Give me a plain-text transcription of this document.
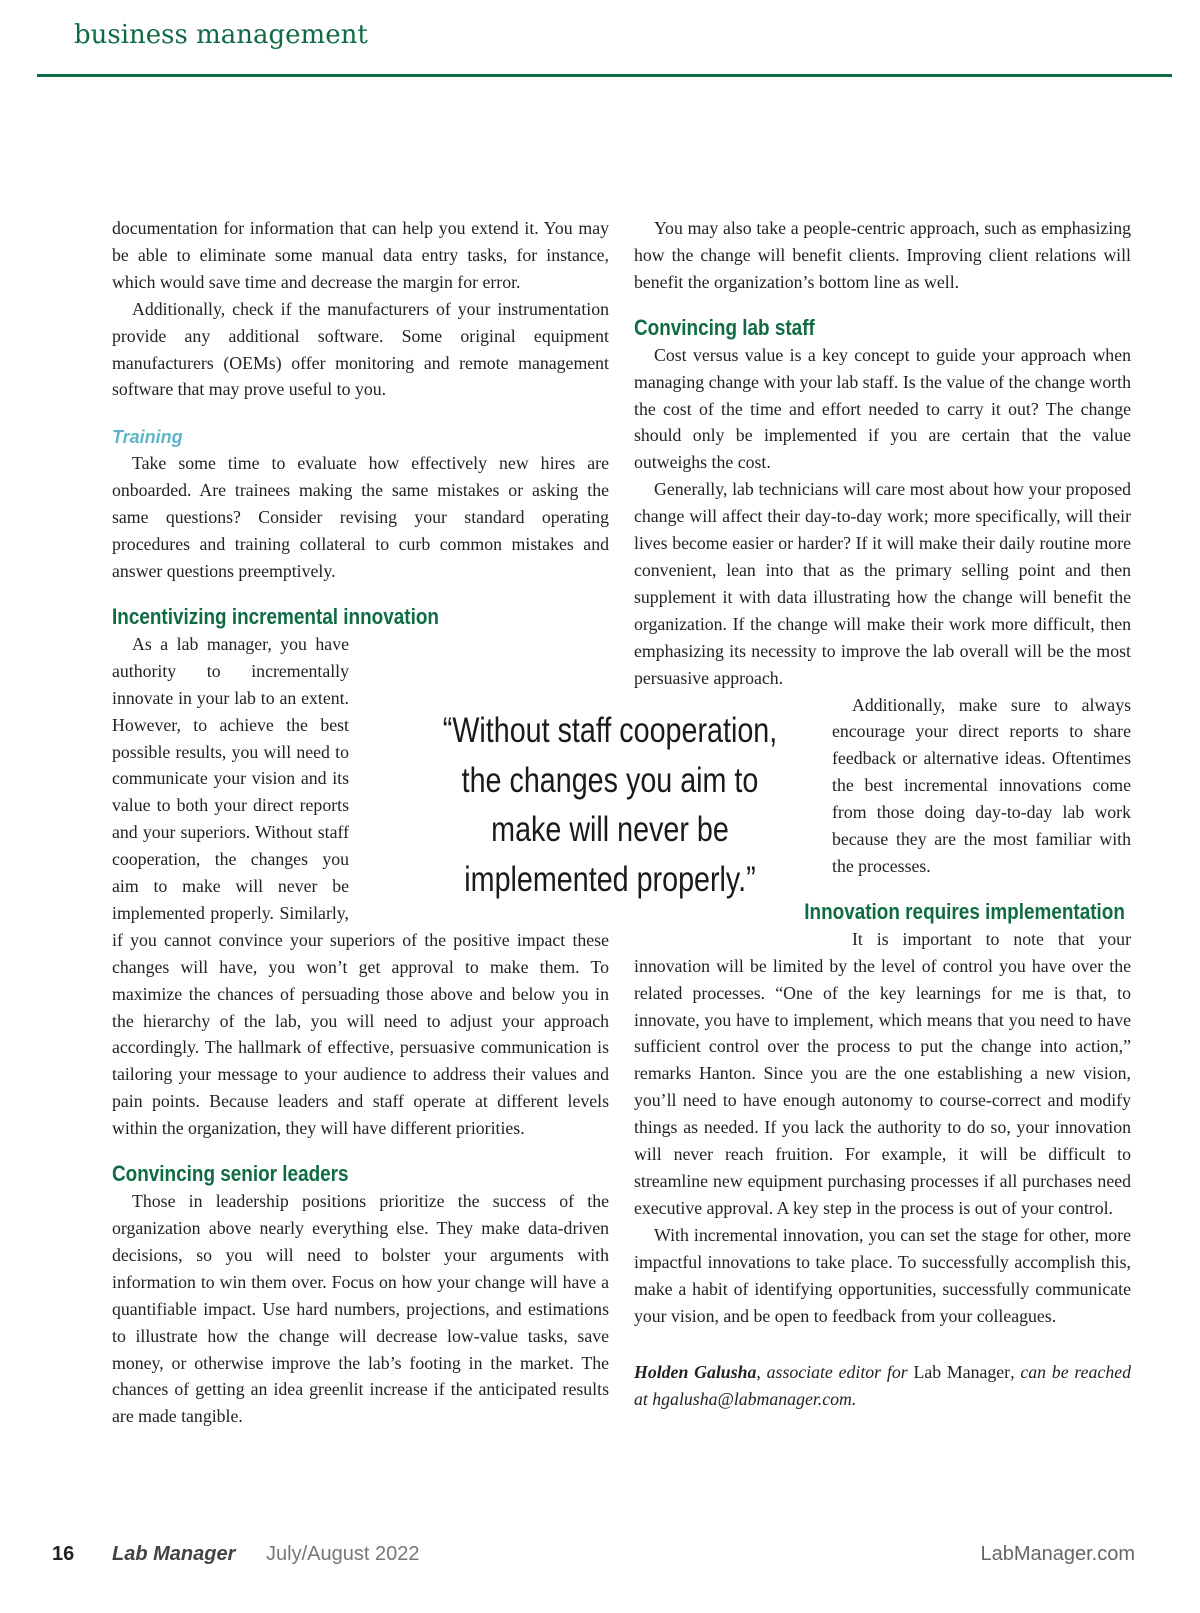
business management

documentation for information that can help you extend it. You may be able to eliminate some manual data entry tasks, for instance, which would save time and decrease the margin for error.

Additionally, check if the manufacturers of your instrumentation provide any additional software. Some original equipment manufacturers (OEMs) offer monitoring and remote management software that may prove useful to you.

Training

Take some time to evaluate how effectively new hires are onboarded. Are trainees making the same mistakes or asking the same questions? Consider revising your standard operating procedures and training collateral to curb common mistakes and answer questions preemptively.

Incentivizing incremental innovation

As a lab manager, you have authority to incrementally innovate in your lab to an extent. However, to achieve the best possible results, you will need to communicate your vision and its value to both your direct reports and your superiors. Without staff cooperation, the changes you aim to make will never be implemented properly. Similarly, if you cannot convince your superiors of the positive impact these changes will have, you won’t get approval to make them. To maximize the chances of persuading those above and below you in the hierarchy of the lab, you will need to adjust your approach accordingly. The hallmark of effective, persuasive communication is tailoring your message to your audience to address their values and pain points. Because leaders and staff operate at different levels within the organization, they will have different priorities.

Convincing senior leaders

Those in leadership positions prioritize the success of the organization above nearly everything else. They make data-driven decisions, so you will need to bolster your arguments with information to win them over. Focus on how your change will have a quantifiable impact. Use hard numbers, projections, and estimations to illustrate how the change will decrease low-value tasks, save money, or otherwise improve the lab’s footing in the market. The chances of getting an idea greenlit increase if the anticipated results are made tangible.

You may also take a people-centric approach, such as emphasizing how the change will benefit clients. Improving client relations will benefit the organization’s bottom line as well.

Convincing lab staff

Cost versus value is a key concept to guide your approach when managing change with your lab staff. Is the value of the change worth the cost of the time and effort needed to carry it out? The change should only be implemented if you are certain that the value outweighs the cost.

Generally, lab technicians will care most about how your proposed change will affect their day-to-day work; more specifically, will their lives become easier or harder? If it will make their daily routine more convenient, lean into that as the primary selling point and then supplement it with data illustrating how the change will benefit the organization. If the change will make their work more difficult, then emphasizing its necessity to improve the lab overall will be the most persuasive approach.

Additionally, make sure to always encourage your direct reports to share feedback or alternative ideas. Oftentimes the best incremental innovations come from those doing day-to-day lab work because they are the most familiar with the processes.

Innovation requires implementation

It is important to note that your innovation will be limited by the level of control you have over the related processes. “One of the key learnings for me is that, to innovate, you have to implement, which means that you need to have sufficient control over the process to put the change into action,” remarks Hanton. Since you are the one establishing a new vision, you’ll need to have enough autonomy to course-correct and modify things as needed. If you lack the authority to do so, your innovation will never reach fruition. For example, it will be difficult to streamline new equipment purchasing processes if all purchases need executive approval. A key step in the process is out of your control.

With incremental innovation, you can set the stage for other, more impactful innovations to take place. To successfully accomplish this, make a habit of identifying opportunities, successfully communicate your vision, and be open to feedback from your colleagues.

Holden Galusha, associate editor for Lab Manager, can be reached at hgalusha@labmanager.com.

“Without staff cooperation, the changes you aim to make will never be implemented properly.”
16 Lab Manager July/August 2022	LabManager.com
